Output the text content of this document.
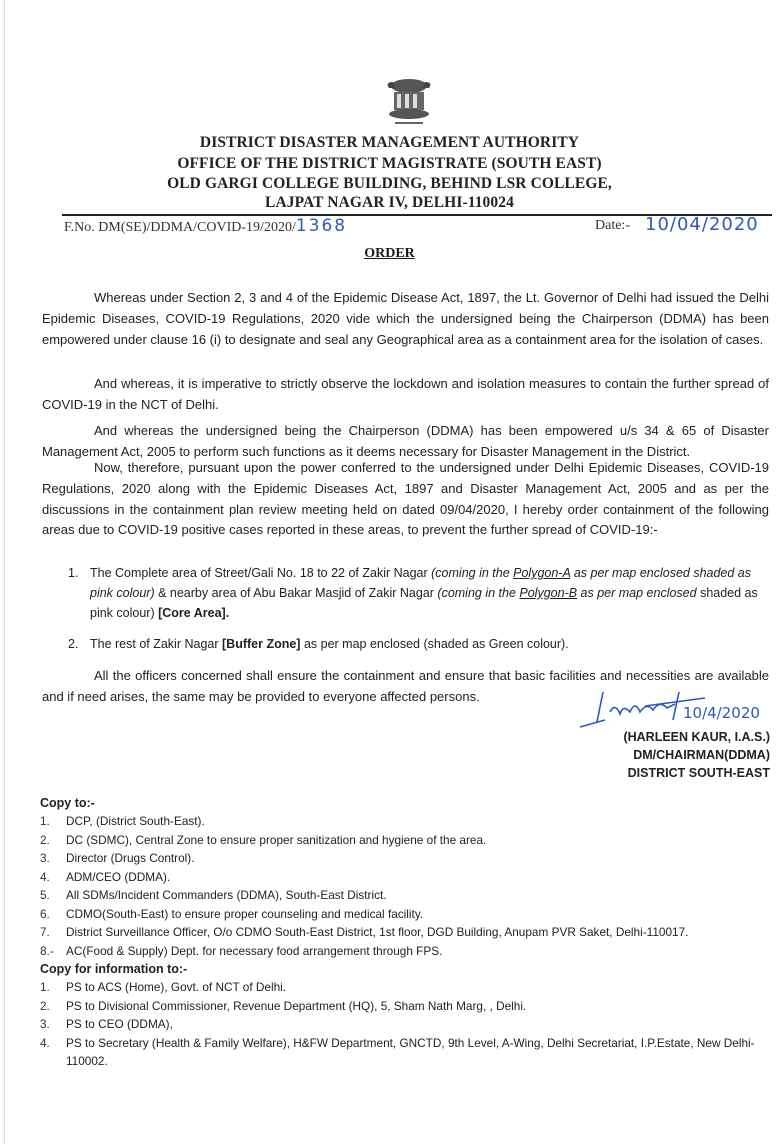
DISTRICT DISASTER MANAGEMENT AUTHORITY
OFFICE OF THE DISTRICT MAGISTRATE (SOUTH EAST)
OLD GARGI COLLEGE BUILDING, BEHIND LSR COLLEGE,
LAJPAT NAGAR IV, DELHI-110024
F.No. DM(SE)/DDMA/COVID-19/2020/1368	Date:- 10/04/2020
ORDER
Whereas under Section 2, 3 and 4 of the Epidemic Disease Act, 1897, the Lt. Governor of Delhi had issued the Delhi Epidemic Diseases, COVID-19 Regulations, 2020 vide which the undersigned being the Chairperson (DDMA) has been empowered under clause 16 (i) to designate and seal any Geographical area as a containment area for the isolation of cases.
And whereas, it is imperative to strictly observe the lockdown and isolation measures to contain the further spread of COVID-19 in the NCT of Delhi.
And whereas the undersigned being the Chairperson (DDMA) has been empowered u/s 34 & 65 of Disaster Management Act, 2005 to perform such functions as it deems necessary for Disaster Management in the District.
Now, therefore, pursuant upon the power conferred to the undersigned under Delhi Epidemic Diseases, COVID-19 Regulations, 2020 along with the Epidemic Diseases Act, 1897 and Disaster Management Act, 2005 and as per the discussions in the containment plan review meeting held on dated 09/04/2020, I hereby order containment of the following areas due to COVID-19 positive cases reported in these areas, to prevent the further spread of COVID-19:-
1. The Complete area of Street/Gali No. 18 to 22 of Zakir Nagar (coming in the Polygon-A as per map enclosed shaded as pink colour) & nearby area of Abu Bakar Masjid of Zakir Nagar (coming in the Polygon-B as per map enclosed shaded as pink colour) [Core Area].
2. The rest of Zakir Nagar [Buffer Zone] as per map enclosed (shaded as Green colour).
All the officers concerned shall ensure the containment and ensure that basic facilities and necessities are available and if need arises, the same may be provided to everyone affected persons.
10/4/2020
(HARLEEN KAUR, I.A.S.)
DM/CHAIRMAN(DDMA)
DISTRICT SOUTH-EAST
Copy to:-
1. DCP, (District South-East).
2. DC (SDMC), Central Zone to ensure proper sanitization and hygiene of the area.
3. Director (Drugs Control).
4. ADM/CEO (DDMA).
5. All SDMs/Incident Commanders (DDMA), South-East District.
6. CDMO(South-East) to ensure proper counseling and medical facility.
7. District Surveillance Officer, O/o CDMO South-East District, 1st floor, DGD Building, Anupam PVR Saket, Delhi-110017.
8.- AC(Food & Supply) Dept. for necessary food arrangement through FPS.
Copy for information to:-
1. PS to ACS (Home), Govt. of NCT of Delhi.
2. PS to Divisional Commissioner, Revenue Department (HQ), 5, Sham Nath Marg, , Delhi.
3. PS to CEO (DDMA),
4. PS to Secretary (Health & Family Welfare), H&FW Department, GNCTD, 9th Level, A-Wing, Delhi Secretariat, I.P.Estate, New Delhi-110002.
